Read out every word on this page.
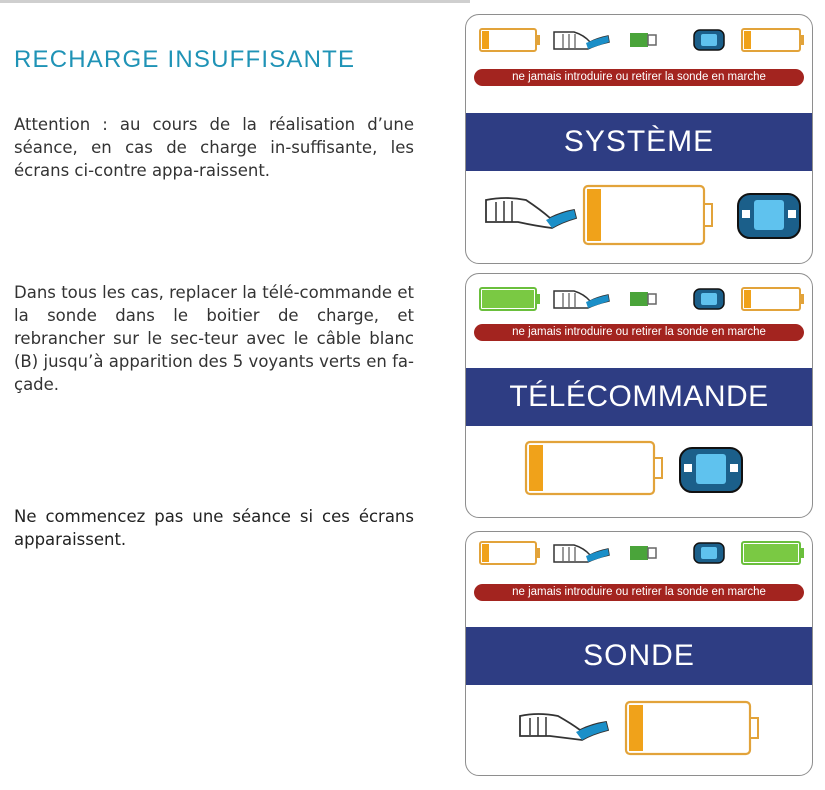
RECHARGE INSUFFISANTE

Attention : au cours de la réalisation d’une séance, en cas de charge in-suffisante, les écrans ci-contre appa-raissent.

Dans tous les cas, replacer la télé-commande et la sonde dans le boitier de charge, et rebrancher sur le sec-teur avec le câble blanc (B) jusqu’à apparition des 5 voyants verts en fa-çade.

Ne commencez pas une séance si ces écrans apparaissent.

ne jamais introduire ou retirer la sonde en marche
SYSTÈME
ne jamais introduire ou retirer la sonde en marche
TÉLÉCOMMANDE
ne jamais introduire ou retirer la sonde en marche
SONDE
